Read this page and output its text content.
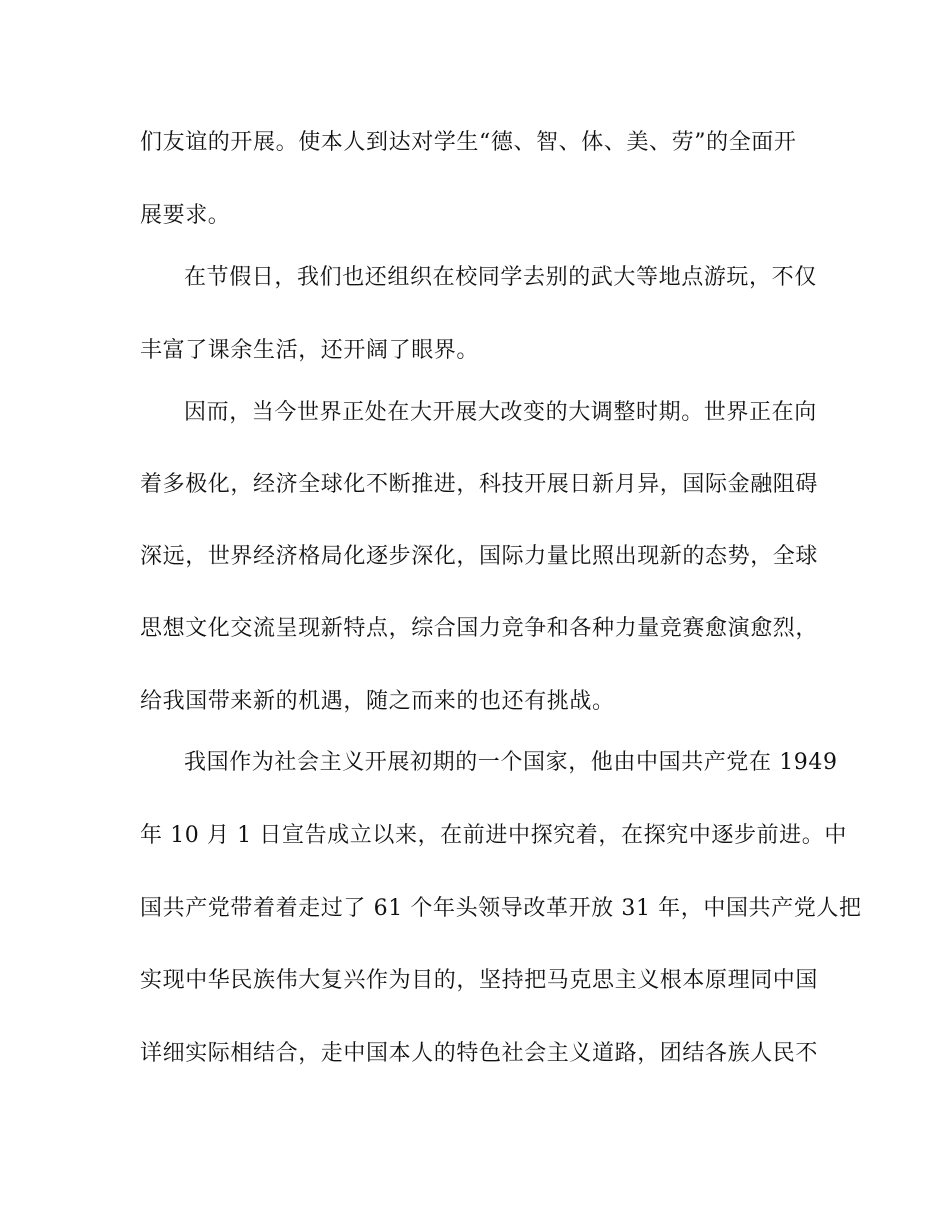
们友谊的开展。使本人到达对学生“德、智、体、美、劳”的全面开
展要求。
在节假日，我们也还组织在校同学去别的武大等地点游玩，不仅
丰富了课余生活，还开阔了眼界。
因而，当今世界正处在大开展大改变的大调整时期。世界正在向
着多极化，经济全球化不断推进，科技开展日新月异，国际金融阻碍
深远，世界经济格局化逐步深化，国际力量比照出现新的态势，全球
思想文化交流呈现新特点，综合国力竞争和各种力量竞赛愈演愈烈，
给我国带来新的机遇，随之而来的也还有挑战。
我国作为社会主义开展初期的一个国家，他由中国共产党在 1949
年 10 月 1 日宣告成立以来，在前进中探究着，在探究中逐步前进。中
国共产党带着着走过了 61 个年头领导改革开放 31 年，中国共产党人把
实现中华民族伟大复兴作为目的，坚持把马克思主义根本原理同中国
详细实际相结合，走中国本人的特色社会主义道路，团结各族人民不
